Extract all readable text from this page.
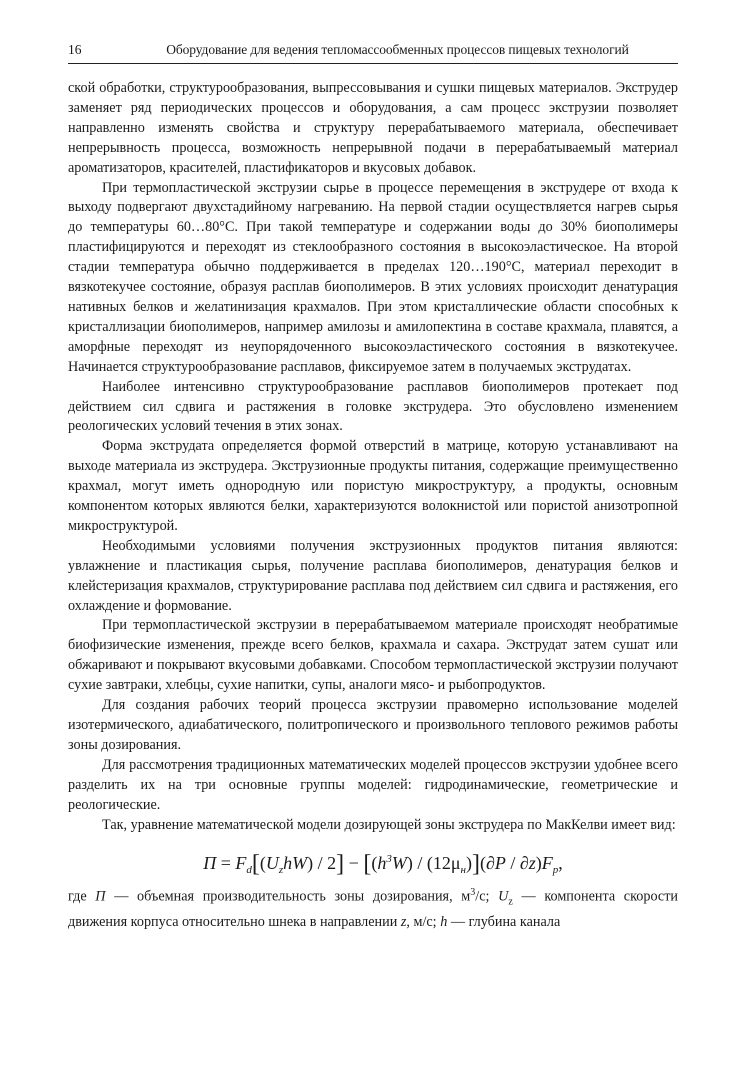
16	Оборудование для ведения тепломассообменных процессов пищевых технологий

ской обработки, структурообразования, выпрессовывания и сушки пищевых материалов. Экструдер заменяет ряд периодических процессов и оборудования, а сам процесс экструзии позволяет направленно изменять свойства и структуру перерабатываемого материала, обеспечивает непрерывность процесса, возможность непрерывной подачи в перерабатываемый материал ароматизаторов, красителей, пластификаторов и вкусовых добавок.

При термопластической экструзии сырье в процессе перемещения в экструдере от входа к выходу подвергают двухстадийному нагреванию. На первой стадии осуществляется нагрев сырья до температуры 60…80°С. При такой температуре и содержании воды до 30% биополимеры пластифицируются и переходят из стеклообразного состояния в высокоэластическое. На второй стадии температура обычно поддерживается в пределах 120…190°С, материал переходит в вязкотекучее состояние, образуя расплав биополимеров. В этих условиях происходит денатурация нативных белков и желатинизация крахмалов. При этом кристаллические области способных к кристаллизации биополимеров, например амилозы и амилопектина в составе крахмала, плавятся, а аморфные переходят из неупорядоченного высокоэластического состояния в вязкотекучее. Начинается структурообразование расплавов, фиксируемое затем в получаемых экструдатах.

Наиболее интенсивно структурообразование расплавов биополимеров протекает под действием сил сдвига и растяжения в головке экструдера. Это обусловлено изменением реологических условий течения в этих зонах.

Форма экструдата определяется формой отверстий в матрице, которую устанавливают на выходе материала из экструдера. Экструзионные продукты питания, содержащие преимущественно крахмал, могут иметь однородную или пористую микроструктуру, а продукты, основным компонентом которых являются белки, характеризуются волокнистой или пористой анизотропной микроструктурой.

Необходимыми условиями получения экструзионных продуктов питания являются: увлажнение и пластикация сырья, получение расплава биополимеров, денатурация белков и клейстеризация крахмалов, структурирование расплава под действием сил сдвига и растяжения, его охлаждение и формование.

При термопластической экструзии в перерабатываемом материале происходят необратимые биофизические изменения, прежде всего белков, крахмала и сахара. Экструдат затем сушат или обжаривают и покрывают вкусовыми добавками. Способом термопластической экструзии получают сухие завтраки, хлебцы, сухие напитки, супы, аналоги мясо- и рыбопродуктов.

Для создания рабочих теорий процесса экструзии правомерно использование моделей изотермического, адиабатического, политропического и произвольного теплового режимов работы зоны дозирования.

Для рассмотрения традиционных математических моделей процессов экструзии удобнее всего разделить их на три основные группы моделей: гидродинамические, геометрические и реологические.

Так, уравнение математической модели дозирующей зоны экструдера по МакКелви имеет вид:

$П = F_d[(U_zhW) / 2] - [(h^3W) / (12\mu_н)](\partial P / \partial z)F_p$,

где П — объемная производительность зоны дозирования, $м^3/с$; $U_z$ — компонента скорости движения корпуса относительно шнека в направлении z, м/с; h — глубина канала
